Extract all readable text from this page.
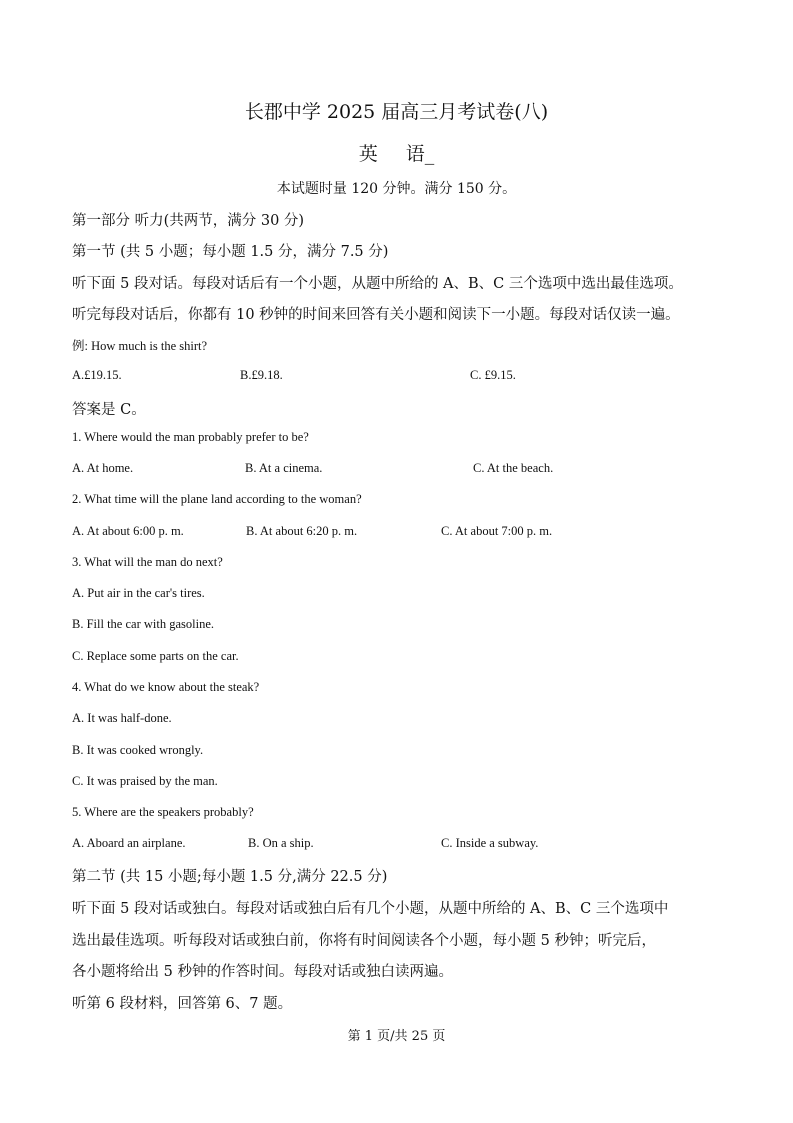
长郡中学 2025 届高三月考试卷(八)
英 语_
本试题时量 120 分钟。满分 150 分。
第一部分 听力(共两节，满分 30 分)
第一节 (共 5 小题；每小题 1.5 分，满分 7.5 分)
听下面 5 段对话。每段对话后有一个小题，从题中所给的 A、B、C 三个选项中选出最佳选项。
听完每段对话后，你都有 10 秒钟的时间来回答有关小题和阅读下一小题。每段对话仅读一遍。
例: How much is the shirt?
A.£19.15.	B.£9.18.	C. £9.15.
答案是 C。
1. Where would the man probably prefer to be?
A. At home.	B. At a cinema.	C. At the beach.
2. What time will the plane land according to the woman?
A. At about 6:00 p. m.	B. At about 6:20 p. m.	C. At about 7:00 p. m.
3. What will the man do next?
A. Put air in the car's tires.
B. Fill the car with gasoline.
C. Replace some parts on the car.
4. What do we know about the steak?
A. It was half-done.
B. It was cooked wrongly.
C. It was praised by the man.
5. Where are the speakers probably?
A. Aboard an airplane.	B. On a ship.	C. Inside a subway.
第二节 (共 15 小题;每小题 1.5 分,满分 22.5 分)
听下面 5 段对话或独白。每段对话或独白后有几个小题，从题中所给的 A、B、C 三个选项中
选出最佳选项。听每段对话或独白前，你将有时间阅读各个小题，每小题 5 秒钟；听完后，
各小题将给出 5 秒钟的作答时间。每段对话或独白读两遍。
听第 6 段材料，回答第 6、7 题。
第 1 页/共 25 页
